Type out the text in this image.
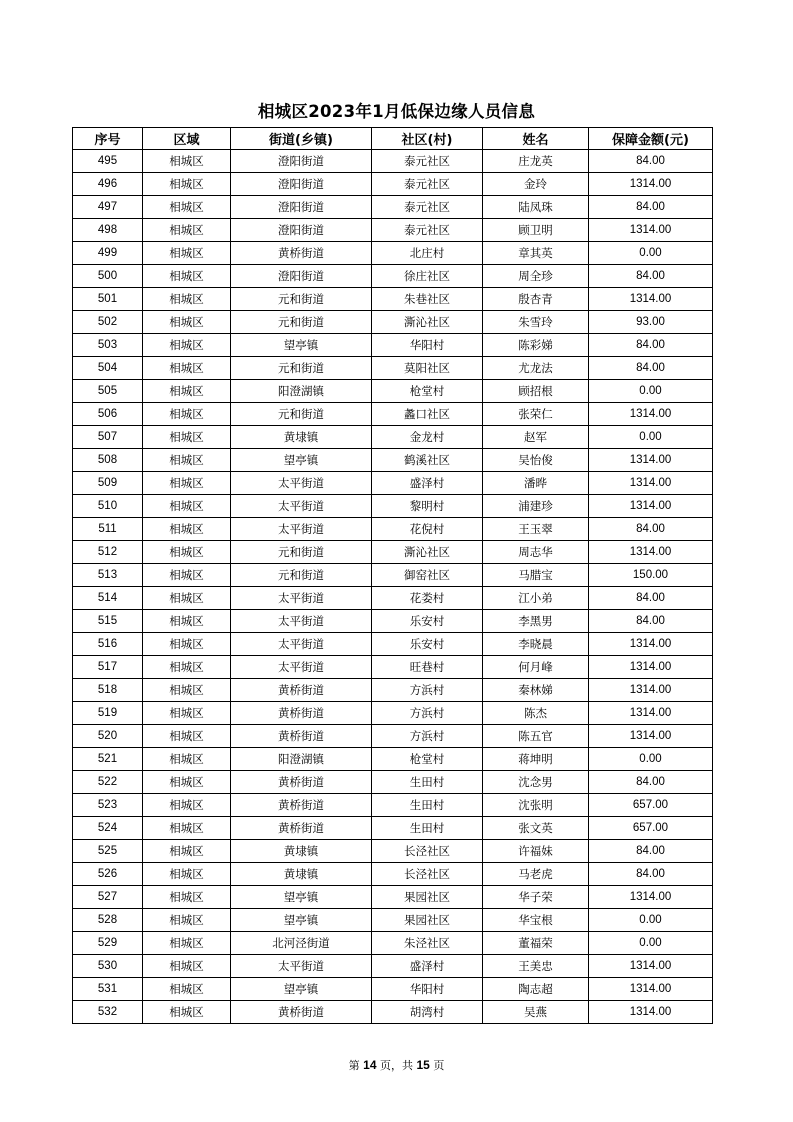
相城区2023年1月低保边缘人员信息
序号	区域	街道(乡镇)	社区(村)	姓名	保障金额(元)
495	相城区	澄阳街道	泰元社区	庄龙英	84.00
496	相城区	澄阳街道	泰元社区	金玲	1314.00
497	相城区	澄阳街道	泰元社区	陆凤珠	84.00
498	相城区	澄阳街道	泰元社区	顾卫明	1314.00
499	相城区	黄桥街道	北庄村	章其英	0.00
500	相城区	澄阳街道	徐庄社区	周全珍	84.00
501	相城区	元和街道	朱巷社区	殷杏青	1314.00
502	相城区	元和街道	澌沁社区	朱雪玲	93.00
503	相城区	望亭镇	华阳村	陈彩娣	84.00
504	相城区	元和街道	莫阳社区	尤龙法	84.00
505	相城区	阳澄湖镇	枪堂村	顾招根	0.00
506	相城区	元和街道	蠡口社区	张荣仁	1314.00
507	相城区	黄埭镇	金龙村	赵军	0.00
508	相城区	望亭镇	鹤溪社区	吴怡俊	1314.00
509	相城区	太平街道	盛泽村	潘晔	1314.00
510	相城区	太平街道	黎明村	浦建珍	1314.00
511	相城区	太平街道	花倪村	王玉翠	84.00
512	相城区	元和街道	澌沁社区	周志华	1314.00
513	相城区	元和街道	御窑社区	马腊宝	150.00
514	相城区	太平街道	花娄村	江小弟	84.00
515	相城区	太平街道	乐安村	李黑男	84.00
516	相城区	太平街道	乐安村	李晓晨	1314.00
517	相城区	太平街道	旺巷村	何月峰	1314.00
518	相城区	黄桥街道	方浜村	秦林娣	1314.00
519	相城区	黄桥街道	方浜村	陈杰	1314.00
520	相城区	黄桥街道	方浜村	陈五官	1314.00
521	相城区	阳澄湖镇	枪堂村	蒋坤明	0.00
522	相城区	黄桥街道	生田村	沈念男	84.00
523	相城区	黄桥街道	生田村	沈张明	657.00
524	相城区	黄桥街道	生田村	张文英	657.00
525	相城区	黄埭镇	长泾社区	许福妹	84.00
526	相城区	黄埭镇	长泾社区	马老虎	84.00
527	相城区	望亭镇	果园社区	华子荣	1314.00
528	相城区	望亭镇	果园社区	华宝根	0.00
529	相城区	北河泾街道	朱泾社区	董福荣	0.00
530	相城区	太平街道	盛泽村	王美忠	1314.00
531	相城区	望亭镇	华阳村	陶志超	1314.00
532	相城区	黄桥街道	胡湾村	吴燕	1314.00
第 14 页，共 15 页
